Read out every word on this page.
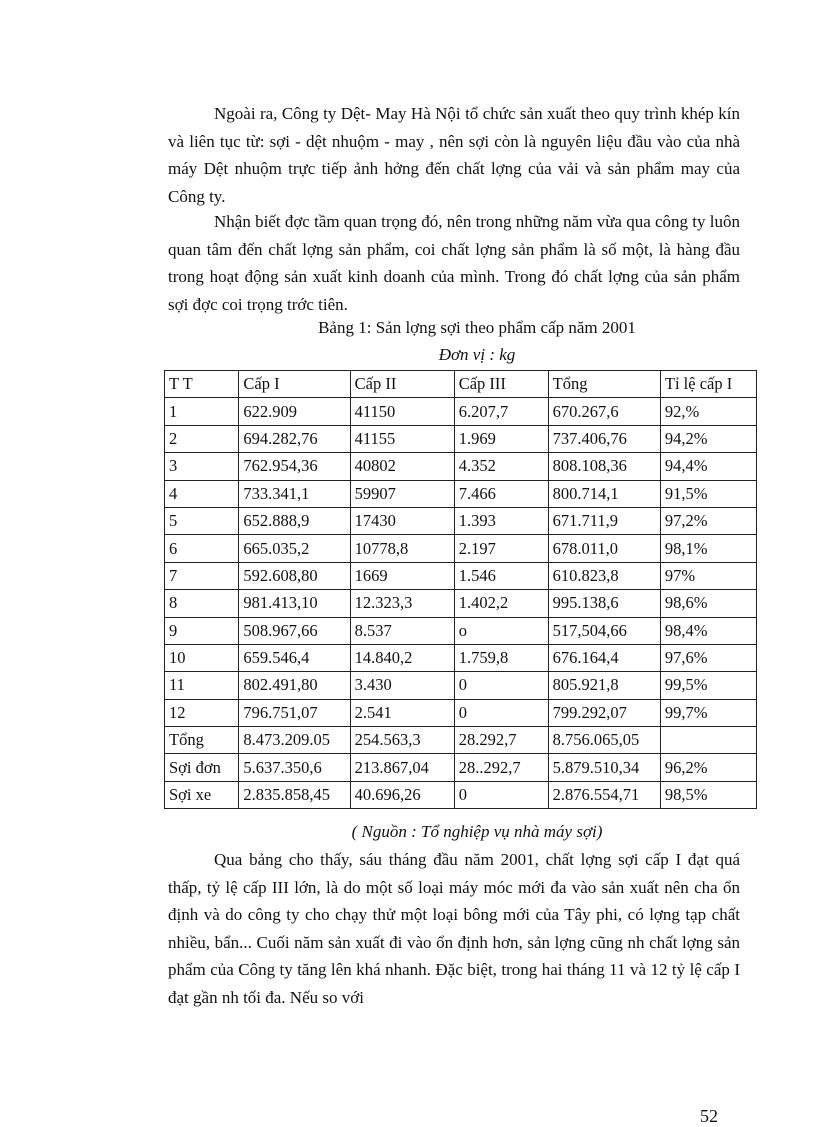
Ngoài ra, Công ty Dệt- May Hà Nội tổ chức sản xuất theo quy trình khép kín và liên tục từ: sợi - dệt nhuộm - may , nên sợi còn là nguyên liệu đầu vào của nhà máy Dệt nhuộm trực tiếp ảnh hởng đến chất lợng của vải và sản phẩm may của Công ty.

Nhận biết đợc tầm quan trọng đó, nên trong những năm vừa qua công ty luôn quan tâm đến chất lợng sản phẩm, coi chất lợng sản phẩm là số một, là hàng đầu trong hoạt động sản xuất kinh doanh của mình. Trong đó chất lợng của sản phẩm sợi đợc coi trọng trớc tiên.

Bảng 1: Sản lợng sợi theo phẩm cấp năm 2001

Đơn vị : kg

T T	Cấp I	Cấp II	Cấp III	Tổng	Tỉ lệ cấp I
1	622.909	41150	6.207,7	670.267,6	92,%
2	694.282,76	41155	1.969	737.406,76	94,2%
3	762.954,36	40802	4.352	808.108,36	94,4%
4	733.341,1	59907	7.466	800.714,1	91,5%
5	652.888,9	17430	1.393	671.711,9	97,2%
6	665.035,2	10778,8	2.197	678.011,0	98,1%
7	592.608,80	1669	1.546	610.823,8	97%
8	981.413,10	12.323,3	1.402,2	995.138,6	98,6%
9	508.967,66	8.537	o	517,504,66	98,4%
10	659.546,4	14.840,2	1.759,8	676.164,4	97,6%
11	802.491,80	3.430	0	805.921,8	99,5%
12	796.751,07	2.541	0	799.292,07	99,7%
Tổng	8.473.209.05	254.563,3	28.292,7	8.756.065,05	
Sợi đơn	5.637.350,6	213.867,04	28..292,7	5.879.510,34	96,2%
Sợi xe	2.835.858,45	40.696,26	0	2.876.554,71	98,5%

( Nguồn : Tổ nghiệp vụ nhà máy sợi)

Qua bảng cho thấy, sáu tháng đầu năm 2001, chất lợng sợi cấp I đạt quá thấp, tỷ lệ cấp III lớn, là do một số loại máy móc mới đa vào sản xuất nên cha ổn định và do công ty cho chạy thử một loại bông mới của Tây phi, có lợng tạp chất nhiều, bẩn... Cuối năm sản xuất đi vào ổn định hơn, sản lợng cũng nh chất lợng sản phẩm của Công ty tăng lên khá nhanh. Đặc biệt, trong hai tháng 11 và 12 tỷ lệ cấp I đạt gần nh tối đa. Nếu so với

52
